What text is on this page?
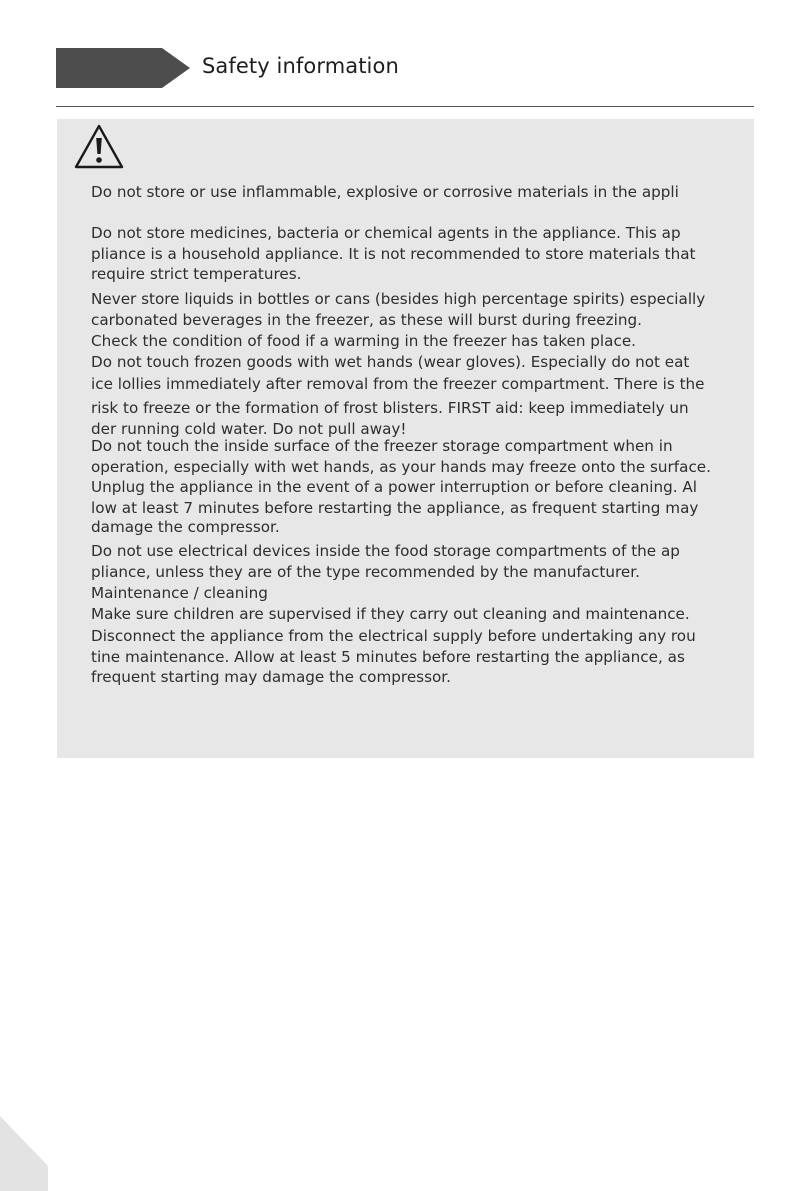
Safety information
Do not store or use inflammable, explosive or corrosive materials in the appli
Do not store medicines, bacteria or chemical agents in the appliance. This ap
pliance is a household appliance. It is not recommended to store materials that
require strict temperatures.
Never store liquids in bottles or cans (besides high percentage spirits) especially
carbonated beverages in the freezer, as these will burst during freezing.
Check the condition of food if a warming in the freezer has taken place.
Do not touch frozen goods with wet hands (wear gloves). Especially do not eat
ice lollies immediately after removal from the freezer compartment. There is the
risk to freeze or the formation of frost blisters. FIRST aid: keep immediately un
der running cold water. Do not pull away!
Do not touch the inside surface of the freezer storage compartment when in
operation, especially with wet hands, as your hands may freeze onto the surface.
Unplug the appliance in the event of a power interruption or before cleaning. Al
low at least 7 minutes before restarting the appliance, as frequent starting may
damage the compressor.
Do not use electrical devices inside the food storage compartments of the ap
pliance, unless they are of the type recommended by the manufacturer.
Maintenance / cleaning
Make sure children are supervised if they carry out cleaning and maintenance.
Disconnect the appliance from the electrical supply before undertaking any rou
tine maintenance. Allow at least 5 minutes before restarting the appliance, as
frequent starting may damage the compressor.
